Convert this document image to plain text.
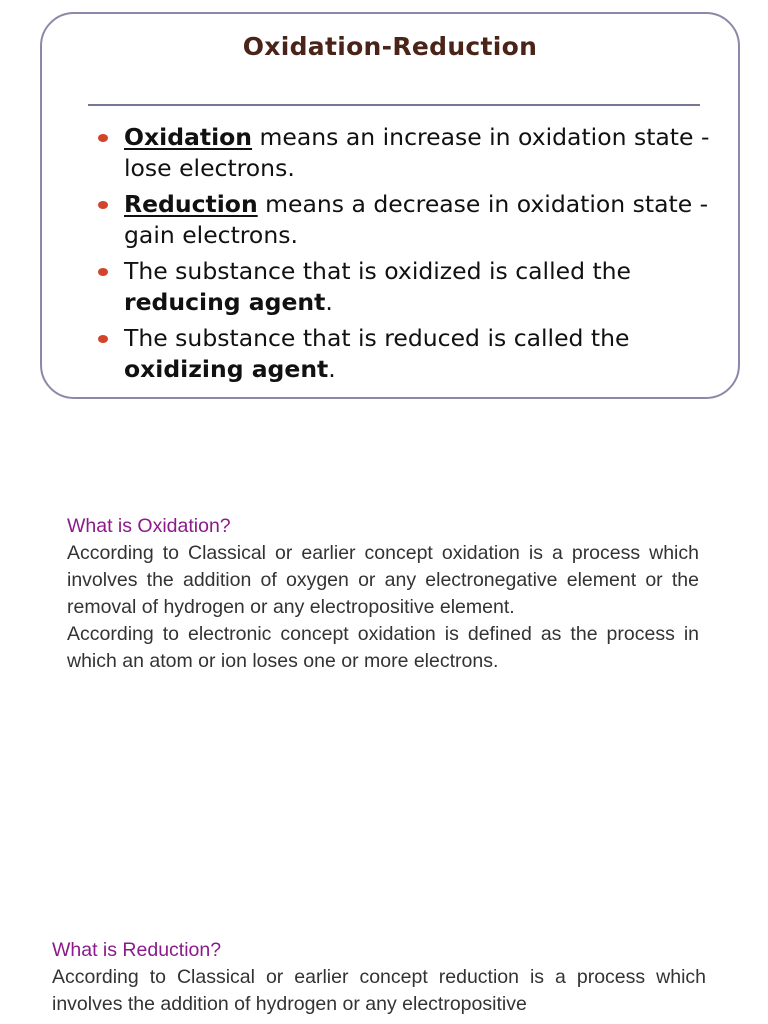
Oxidation-Reduction
Oxidation means an increase in oxidation state - lose electrons.
Reduction means a decrease in oxidation state - gain electrons.
The substance that is oxidized is called the reducing agent.
The substance that is reduced is called the oxidizing agent.
What is Oxidation?

According to Classical or earlier concept oxidation is a process which involves the addition of oxygen or any electronegative element or the removal of hydrogen or any electropositive element.

According to electronic concept oxidation is defined as the process in which an atom or ion loses one or more electrons.

What is Reduction?

According to Classical or earlier concept reduction is a process which involves the addition of hydrogen or any electropositive
